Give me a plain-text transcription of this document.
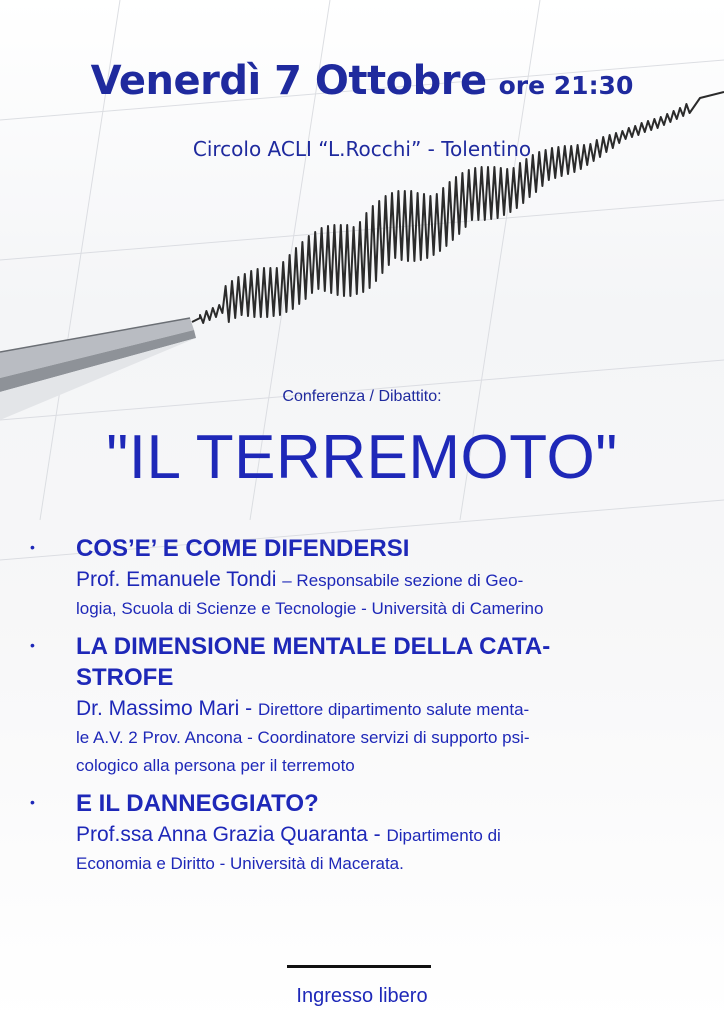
Venerdì 7 Ottobre ore 21:30
Circolo ACLI “L.Rocchi” - Tolentino
Conferenza / Dibattito:
"IL TERREMOTO"
• COS’E’ E COME DIFENDERSI
Prof. Emanuele Tondi – Responsabile sezione di Geo-
logia, Scuola di Scienze e Tecnologie - Università di Camerino
• LA DIMENSIONE MENTALE DELLA CATA-
STROFE
Dr. Massimo Mari - Direttore dipartimento salute menta-
le A.V. 2 Prov. Ancona - Coordinatore servizi di supporto psi-
cologico alla persona per il terremoto
• E IL DANNEGGIATO?
Prof.ssa Anna Grazia Quaranta - Dipartimento di
Economia e Diritto - Università di Macerata.
Ingresso libero
